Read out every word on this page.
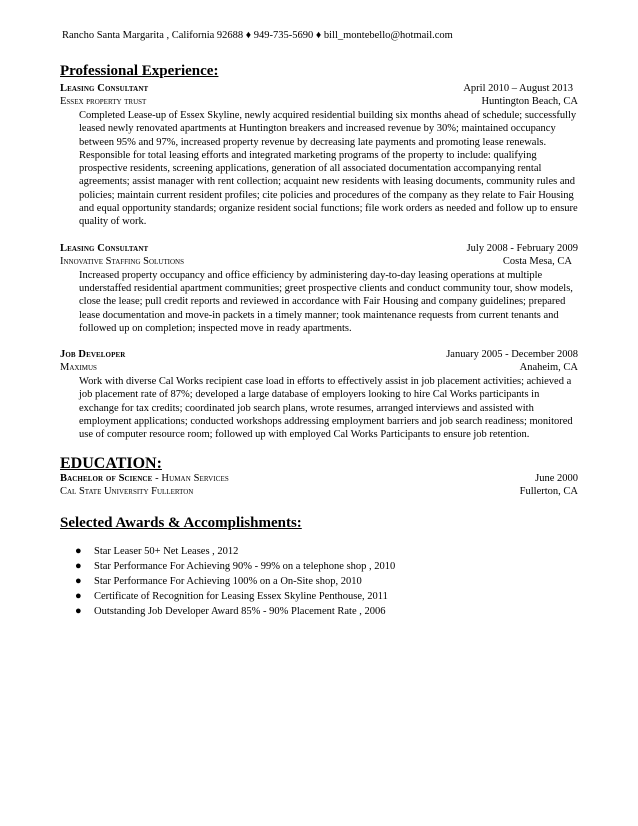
Rancho Santa Margarita , California 92688 ♦ 949-735-5690 ♦ bill_montebello@hotmail.com
Professional Experience:
Leasing Consultant	April 2010 – August 2013
Essex property trust	Huntington Beach, CA

Completed Lease-up of Essex Skyline, newly acquired residential building six months ahead of schedule; successfully leased newly renovated apartments at Huntington breakers and increased revenue by 30%; maintained occupancy between 95% and 97%, increased property revenue by decreasing late payments and promoting lease renewals. Responsible for total leasing efforts and integrated marketing programs of the property to include: qualifying prospective residents, screening applications, generation of all associated documentation accompanying rental agreements; assist manager with rent collection; acquaint new residents with leasing documents, community rules and policies; maintain current resident profiles; cite policies and procedures of the company as they relate to Fair Housing and equal opportunity standards; organize resident social functions; file work orders as needed and follow up to ensure quality of work.

Leasing Consultant	July 2008 - February 2009
Innovative Staffing Solutions	Costa Mesa, CA

Increased property occupancy and office efficiency by administering day-to-day leasing operations at multiple understaffed residential apartment communities; greet prospective clients and conduct community tour, show models, close the lease; pull credit reports and reviewed in accordance with Fair Housing and company guidelines; prepared lease documentation and move-in packets in a timely manner; took maintenance requests from current tenants and followed up on completion; inspected move in ready apartments.

Job Developer	January 2005 - December 2008
Maximus	Anaheim, CA

Work with diverse Cal Works recipient case load in efforts to effectively assist in job placement activities; achieved a job placement rate of 87%; developed a large database of employers looking to hire Cal Works participants in exchange for tax credits; coordinated job search plans, wrote resumes, arranged interviews and assisted with employment applications; conducted workshops addressing employment barriers and job search readiness; monitored use of computer resource room; followed up with employed Cal Works Participants to ensure job retention.

EDUCATION:
Bachelor of Science - Human Services	June 2000
Cal State University Fullerton	Fullerton, CA
Selected Awards & Accomplishments:
●	Star Leaser 50+ Net Leases , 2012
●	Star Performance For Achieving 90% - 99% on a telephone shop , 2010
●	Star Performance For Achieving 100% on a On-Site shop, 2010
●	Certificate of Recognition for Leasing Essex Skyline Penthouse, 2011
●	Outstanding Job Developer Award 85% - 90% Placement Rate , 2006
